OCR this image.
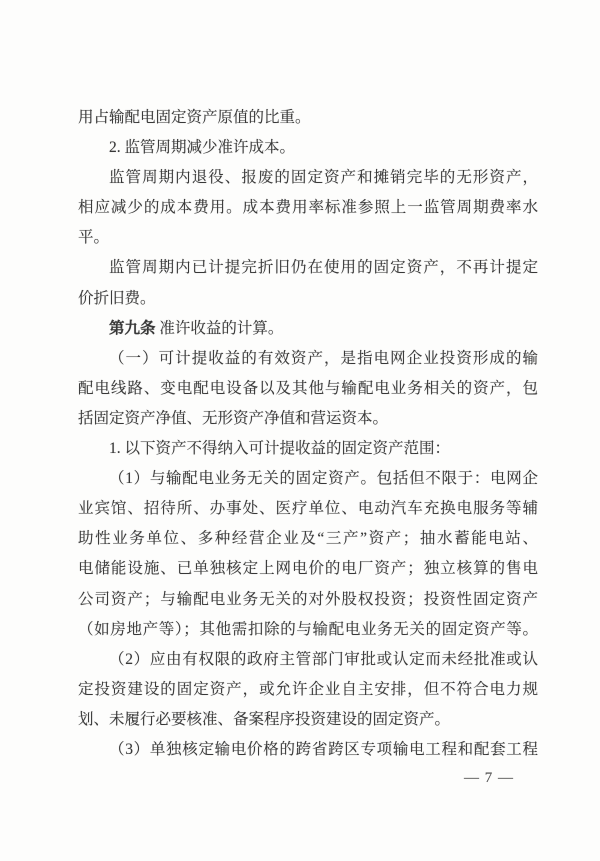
用占输配电固定资产原值的比重。
2. 监管周期减少准许成本。
监管周期内退役、报废的固定资产和摊销完毕的无形资产，
相应减少的成本费用。成本费用率标准参照上一监管周期费率水
平。
监管周期内已计提完折旧仍在使用的固定资产，不再计提定
价折旧费。
第九条 准许收益的计算。
（一）可计提收益的有效资产，是指电网企业投资形成的输
配电线路、变电配电设备以及其他与输配电业务相关的资产，包
括固定资产净值、无形资产净值和营运资本。
1. 以下资产不得纳入可计提收益的固定资产范围：
（1）与输配电业务无关的固定资产。包括但不限于：电网企
业宾馆、招待所、办事处、医疗单位、电动汽车充换电服务等辅
助性业务单位、多种经营企业及“三产”资产；抽水蓄能电站、
电储能设施、已单独核定上网电价的电厂资产；独立核算的售电
公司资产；与输配电业务无关的对外股权投资；投资性固定资产
（如房地产等）；其他需扣除的与输配电业务无关的固定资产等。
（2）应由有权限的政府主管部门审批或认定而未经批准或认
定投资建设的固定资产，或允许企业自主安排，但不符合电力规
划、未履行必要核准、备案程序投资建设的固定资产。
（3）单独核定输电价格的跨省跨区专项输电工程和配套工程
— 7 —
